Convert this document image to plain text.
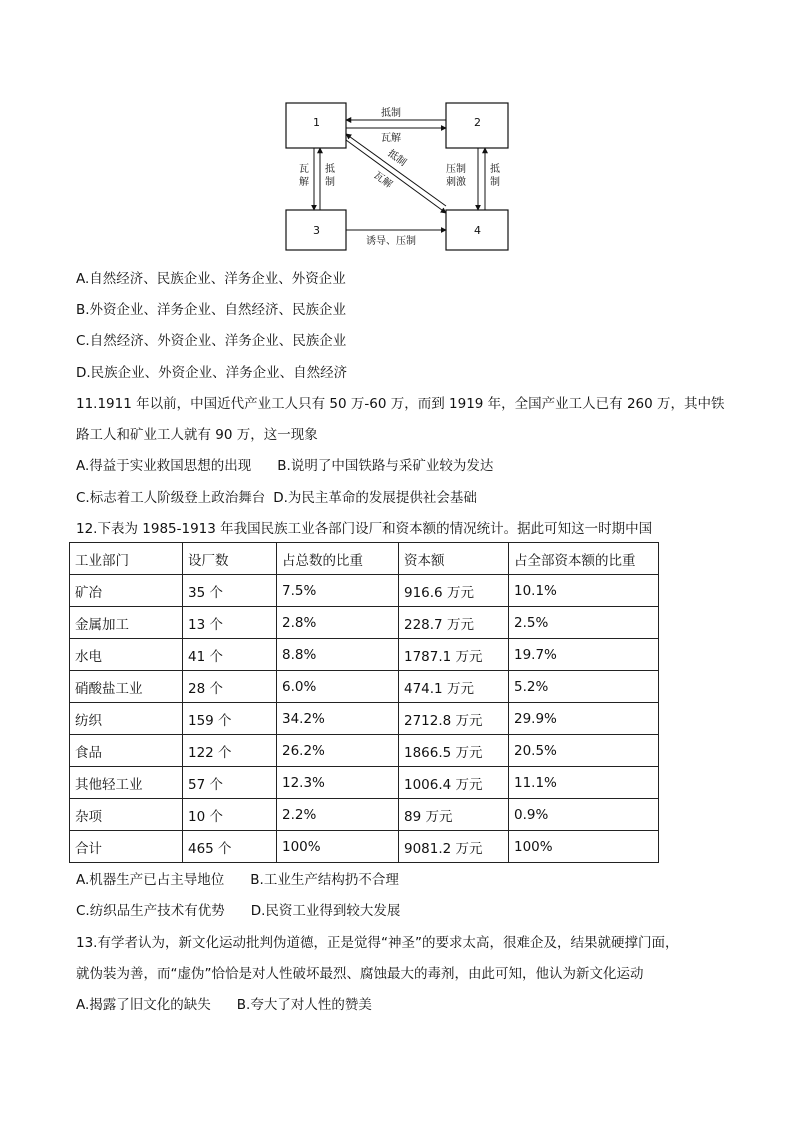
1	2
3	4
抵制
瓦解
瓦
解
抵
制
抵制
瓦解
压制
刺激
抵
制
诱导、压制
A.自然经济、民族企业、洋务企业、外资企业
B.外资企业、洋务企业、自然经济、民族企业
C.自然经济、外资企业、洋务企业、民族企业
D.民族企业、外资企业、洋务企业、自然经济
11.1911 年以前，中国近代产业工人只有 50 万-60 万，而到 1919 年，全国产业工人已有 260 万，其中铁
路工人和矿业工人就有 90 万，这一现象
A.得益于实业救国思想的出现 B.说明了中国铁路与采矿业较为发达
C.标志着工人阶级登上政治舞台 D.为民主革命的发展提供社会基础
12.下表为 1985-1913 年我国民族工业各部门设厂和资本额的情况统计。据此可知这一时期中国
工业部门	设厂数	占总数的比重	资本额	占全部资本额的比重
矿冶	35 个	7.5%	916.6 万元	10.1%
金属加工	13 个	2.8%	228.7 万元	2.5%
水电	41 个	8.8%	1787.1 万元	19.7%
硝酸盐工业	28 个	6.0%	474.1 万元	5.2%
纺织	159 个	34.2%	2712.8 万元	29.9%
食品	122 个	26.2%	1866.5 万元	20.5%
其他轻工业	57 个	12.3%	1006.4 万元	11.1%
杂项	10 个	2.2%	89 万元	0.9%
合计	465 个	100%	9081.2 万元	100%
A.机器生产已占主导地位 B.工业生产结构扔不合理
C.纺织品生产技术有优势 D.民资工业得到较大发展
13.有学者认为，新文化运动批判伪道德，正是觉得“神圣”的要求太高，很难企及，结果就硬撑门面，
就伪装为善，而“虚伪”恰恰是对人性破坏最烈、腐蚀最大的毒剂，由此可知，他认为新文化运动
A.揭露了旧文化的缺失 B.夸大了对人性的赞美
